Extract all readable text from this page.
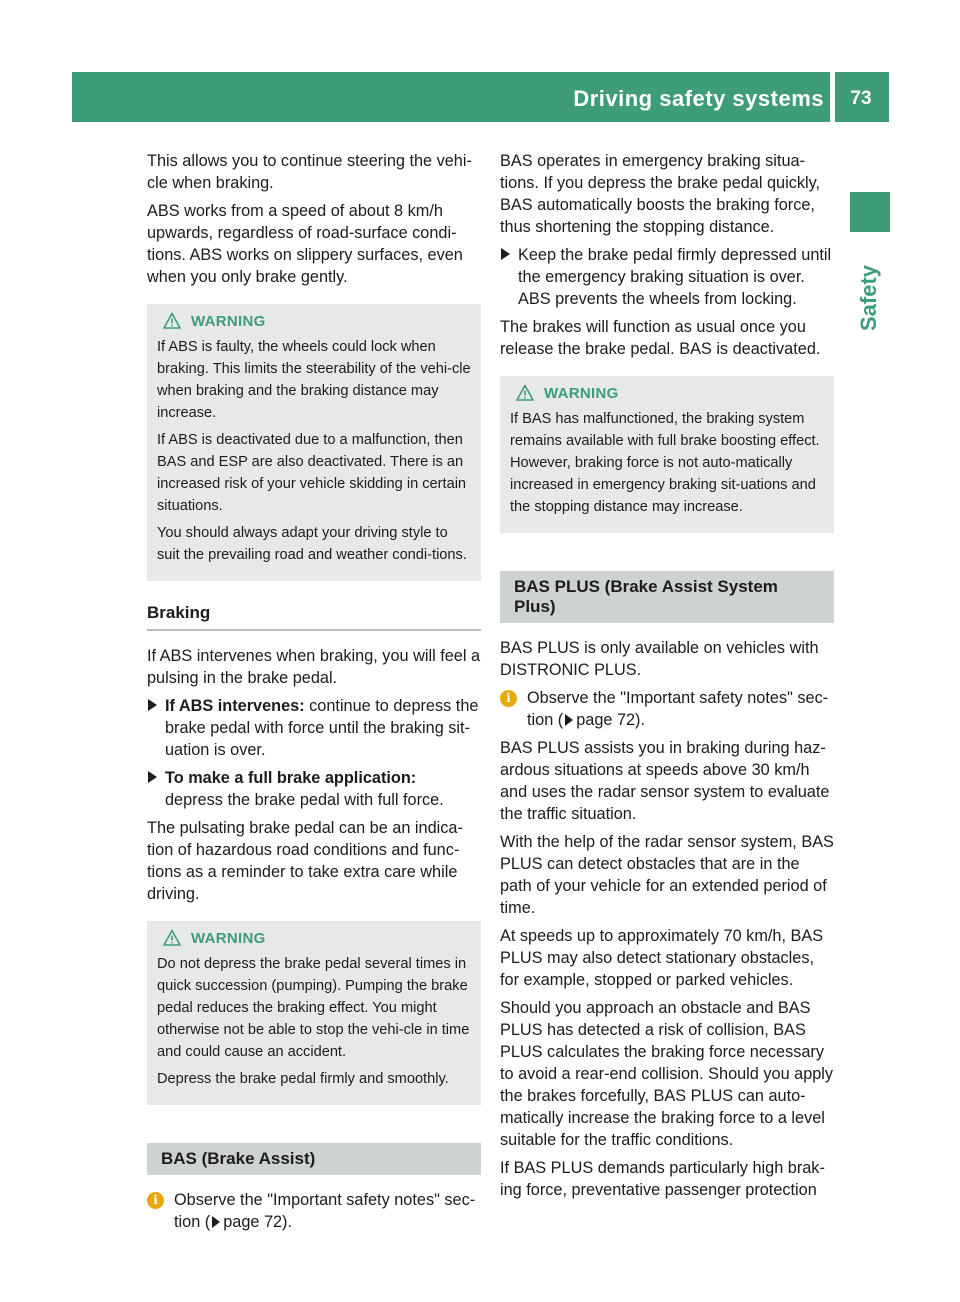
Driving safety systems	73
Safety

This allows you to continue steering the vehi-cle when braking.

ABS works from a speed of about 8 km/h upwards, regardless of road-surface condi-tions. ABS works on slippery surfaces, even when you only brake gently.

WARNING

If ABS is faulty, the wheels could lock when braking. This limits the steerability of the vehi-cle when braking and the braking distance may increase.

If ABS is deactivated due to a malfunction, then BAS and ESP are also deactivated. There is an increased risk of your vehicle skidding in certain situations.

You should always adapt your driving style to suit the prevailing road and weather condi-tions.

Braking

If ABS intervenes when braking, you will feel a pulsing in the brake pedal.

If ABS intervenes: continue to depress the brake pedal with force until the braking sit-uation is over.
To make a full brake application:
depress the brake pedal with full force.

The pulsating brake pedal can be an indica-tion of hazardous road conditions and func-tions as a reminder to take extra care while driving.

WARNING

Do not depress the brake pedal several times in quick succession (pumping). Pumping the brake pedal reduces the braking effect. You might otherwise not be able to stop the vehi-cle in time and could cause an accident.

Depress the brake pedal firmly and smoothly.

BAS (Brake Assist)
i Observe the "Important safety notes" sec-tion ( page 72).

BAS operates in emergency braking situa-tions. If you depress the brake pedal quickly, BAS automatically boosts the braking force, thus shortening the stopping distance.

Keep the brake pedal firmly depressed until the emergency braking situation is over.
ABS prevents the wheels from locking.

The brakes will function as usual once you release the brake pedal. BAS is deactivated.

WARNING

If BAS has malfunctioned, the braking system remains available with full brake boosting effect. However, braking force is not auto-matically increased in emergency braking sit-uations and the stopping distance may increase.

BAS PLUS (Brake Assist System Plus)

BAS PLUS is only available on vehicles with DISTRONIC PLUS.

i Observe the "Important safety notes" sec-tion ( page 72).

BAS PLUS assists you in braking during haz-ardous situations at speeds above 30 km/h and uses the radar sensor system to evaluate the traffic situation.

With the help of the radar sensor system, BAS PLUS can detect obstacles that are in the path of your vehicle for an extended period of time.

At speeds up to approximately 70 km/h, BAS PLUS may also detect stationary obstacles, for example, stopped or parked vehicles.

Should you approach an obstacle and BAS PLUS has detected a risk of collision, BAS PLUS calculates the braking force necessary to avoid a rear-end collision. Should you apply the brakes forcefully, BAS PLUS can auto-matically increase the braking force to a level suitable for the traffic conditions.

If BAS PLUS demands particularly high brak-ing force, preventative passenger protection
